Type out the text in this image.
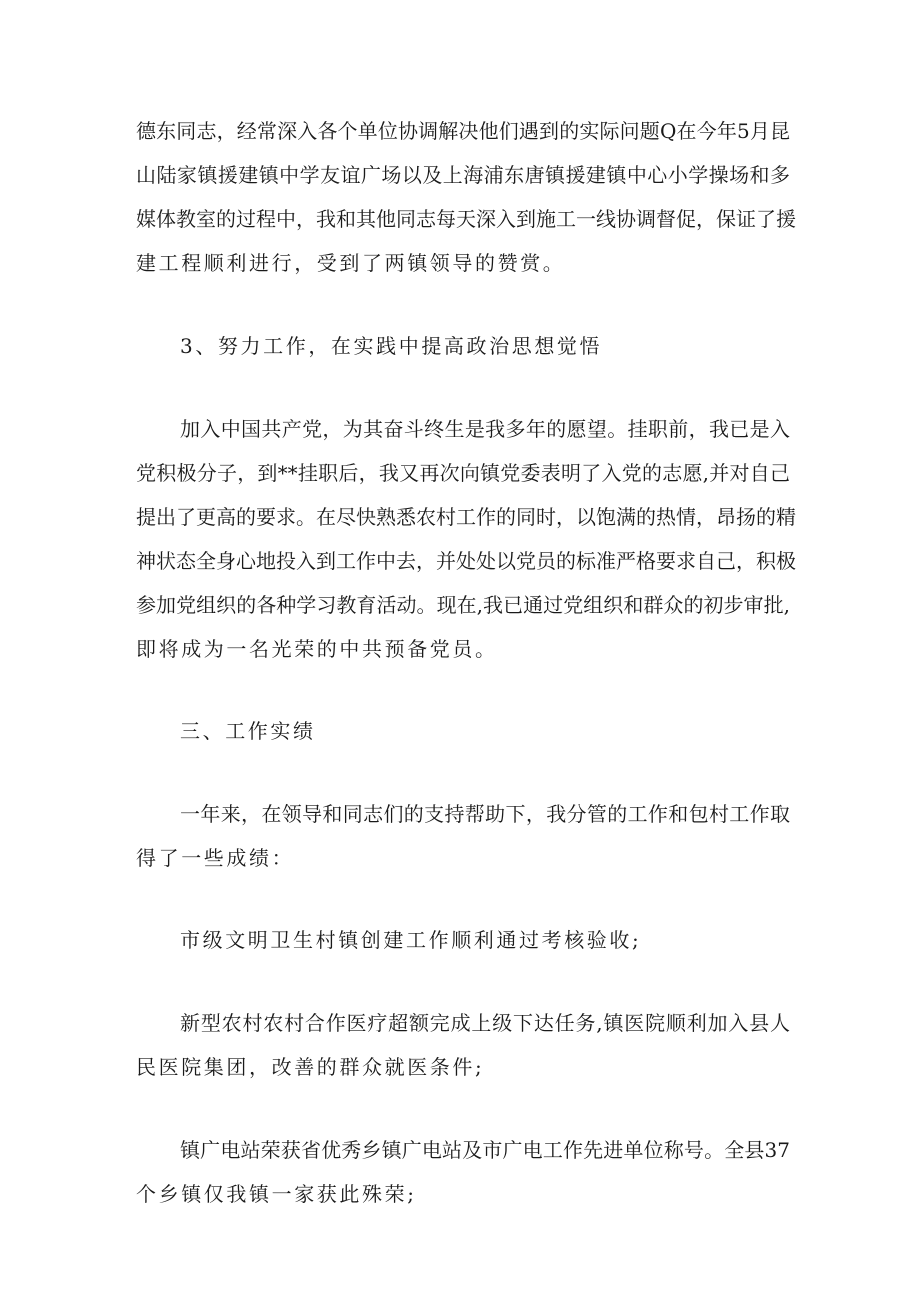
德东同志，经常深入各个单位协调解决他们遇到的实际问题Q在今年5月昆
山陆家镇援建镇中学友谊广场以及上海浦东唐镇援建镇中心小学操场和多
媒体教室的过程中，我和其他同志每天深入到施工一线协调督促，保证了援
建工程顺利进行，受到了两镇领导的赞赏。
3、努力工作，在实践中提高政治思想觉悟
加入中国共产党，为其奋斗终生是我多年的愿望。挂职前，我已是入
党积极分子，到**挂职后，我又再次向镇党委表明了入党的志愿,并对自己
提出了更高的要求。在尽快熟悉农村工作的同时，以饱满的热情，昂扬的精
神状态全身心地投入到工作中去，并处处以党员的标准严格要求自己，积极
参加党组织的各种学习教育活动。现在,我已通过党组织和群众的初步审批,
即将成为一名光荣的中共预备党员。
三、工作实绩
一年来，在领导和同志们的支持帮助下，我分管的工作和包村工作取
得了一些成绩：
市级文明卫生村镇创建工作顺利通过考核验收;
新型农村农村合作医疗超额完成上级下达任务,镇医院顺利加入县人
民医院集团，改善的群众就医条件;
镇广电站荣获省优秀乡镇广电站及市广电工作先进单位称号。全县37
个乡镇仅我镇一家获此殊荣;
